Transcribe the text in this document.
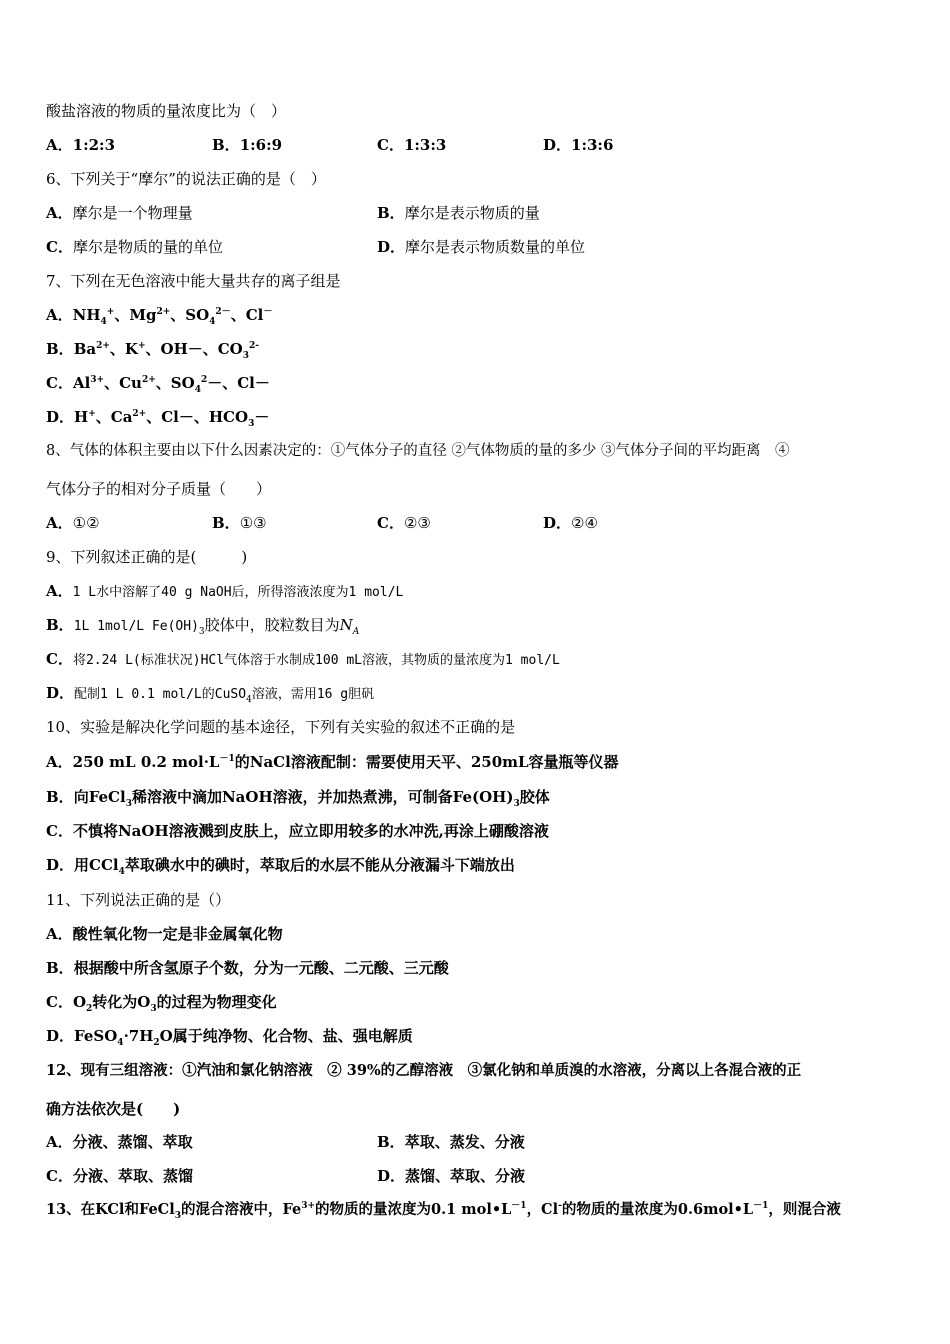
酸盐溶液的物质的量浓度比为（　）
A．1:2:3	B．1:6:9	C．1:3:3	D．1:3:6
6、下列关于“摩尔”的说法正确的是（　）
A．摩尔是一个物理量	B．摩尔是表示物质的量
C．摩尔是物质的量的单位	D．摩尔是表示物质数量的单位
7、下列在无色溶液中能大量共存的离子组是
A．$NH_4^+$、$Mg^{2+}$、$SO_4^{2-}$、Cl－
B．$Ba^{2+}$、K+、OH－、$CO_3^{2-}$
C．$Al^{3+}$、$Cu^{2+}$、$SO_4^2-$、Cl－
D．H+、$Ca^{2+}$、Cl－、$HCO_3-$
8、气体的体积主要由以下什么因素决定的：①气体分子的直径 ②气体物质的量的多少 ③气体分子间的平均距离　④
气体分子的相对分子质量（　　）
A．①②	B．①③	C．②③	D．②④
9、下列叙述正确的是(　　　)
A．1 L水中溶解了40 g NaOH后，所得溶液浓度为1 mol/L
B．1L 1mol/L $Fe(OH)_3$胶体中，胶粒数目为$N_A$
C．将2.24 L(标准状况)HCl气体溶于水制成100 mL溶液，其物质的量浓度为1 mol/L
D．配制1 L 0.1 mol/L的CuSO$_4$溶液，需用16 g胆矾
10、实验是解决化学问题的基本途径，下列有关实验的叙述不正确的是
A．250 mL 0.2 $mol\cdot L^{-1}$的NaCl溶液配制：需要使用天平、250mL容量瓶等仪器
B．向FeCl$_3$稀溶液中滴加NaOH溶液，并加热煮沸，可制备$Fe(OH)_3$胶体
C．不慎将NaOH溶液溅到皮肤上，应立即用较多的水冲洗,再涂上硼酸溶液
D．用CCl$_4$萃取碘水中的碘时，萃取后的水层不能从分液漏斗下端放出
11、下列说法正确的是（）
A．酸性氧化物一定是非金属氧化物
B．根据酸中所含氢原子个数，分为一元酸、二元酸、三元酸
C．$O_2$转化为$O_3$的过程为物理变化
D．$FeSO_4\cdot 7H_2O$属于纯净物、化合物、盐、强电解质
12、现有三组溶液：①汽油和氯化钠溶液　② 39%的乙醇溶液　③氯化钠和单质溴的水溶液，分离以上各混合液的正
确方法依次是(　　)
A．分液、蒸馏、萃取	B．萃取、蒸发、分液
C．分液、萃取、蒸馏	D．蒸馏、萃取、分液
13、在KCl和FeCl$_3$的混合溶液中，$Fe^{3+}$的物质的量浓度为0.1 $mol•L^{-1}$，Cl-的物质的量浓度为$0.6mol•L^{-1}$，则混合液
